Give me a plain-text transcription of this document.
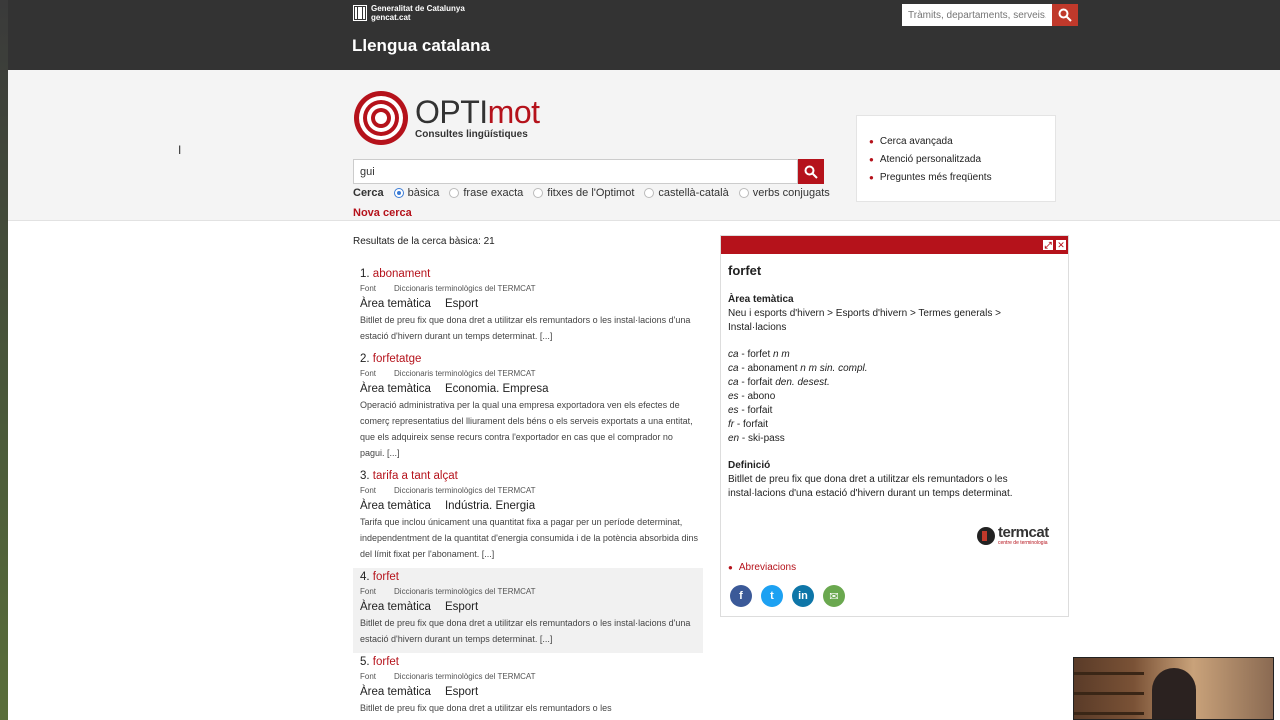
Generalitat de Catalunya
gencat.cat
Llengua catalana
Tràmits, departaments, serveis...
OPTImot
Consultes lingüístiques
gui
Cerca bàsica frase exacta fitxes de l'Optimot castellà-català verbs conjugats
Nova cerca
● Cerca avançada
● Atenció personalitzada
● Preguntes més freqüents
Resultats de la cerca bàsica: 21
1. abonament
Font Diccionaris terminològics del TERMCAT
Àrea temàtica Esport
Bitllet de preu fix que dona dret a utilitzar els remuntadors o les instal·lacions d'una estació d'hivern durant un temps determinat. [...]
2. forfetatge
Font Diccionaris terminològics del TERMCAT
Àrea temàtica Economia. Empresa
Operació administrativa per la qual una empresa exportadora ven els efectes de comerç representatius del lliurament dels béns o els serveis exportats a una entitat, que els adquireix sense recurs contra l'exportador en cas que el comprador no pagui. [...]
3. tarifa a tant alçat
Font Diccionaris terminològics del TERMCAT
Àrea temàtica Indústria. Energia
Tarifa que inclou únicament una quantitat fixa a pagar per un període determinat, independentment de la quantitat d'energia consumida i de la potència absorbida dins del límit fixat per l'abonament. [...]
4. forfet
Font Diccionaris terminològics del TERMCAT
Àrea temàtica Esport
Bitllet de preu fix que dona dret a utilitzar els remuntadors o les instal·lacions d'una estació d'hivern durant un temps determinat. [...]
5. forfet
Font Diccionaris terminològics del TERMCAT
Àrea temàtica Esport
Bitllet de preu fix que dona dret a utilitzar els remuntadors o les
⤢ ✕
forfet
Àrea temàtica
Neu i esports d'hivern > Esports d'hivern > Termes generals > Instal·lacions
ca - forfet n m
ca - abonament n m sin. compl.
ca - forfait den. desest.
es - abono
es - forfait
fr - forfait
en - ski-pass
Definició
Bitllet de preu fix que dona dret a utilitzar els remuntadors o les instal·lacions d'una estació d'hivern durant un temps determinat.
termcat
centre de terminologia
● Abreviacions
f	t	in	✉
I
